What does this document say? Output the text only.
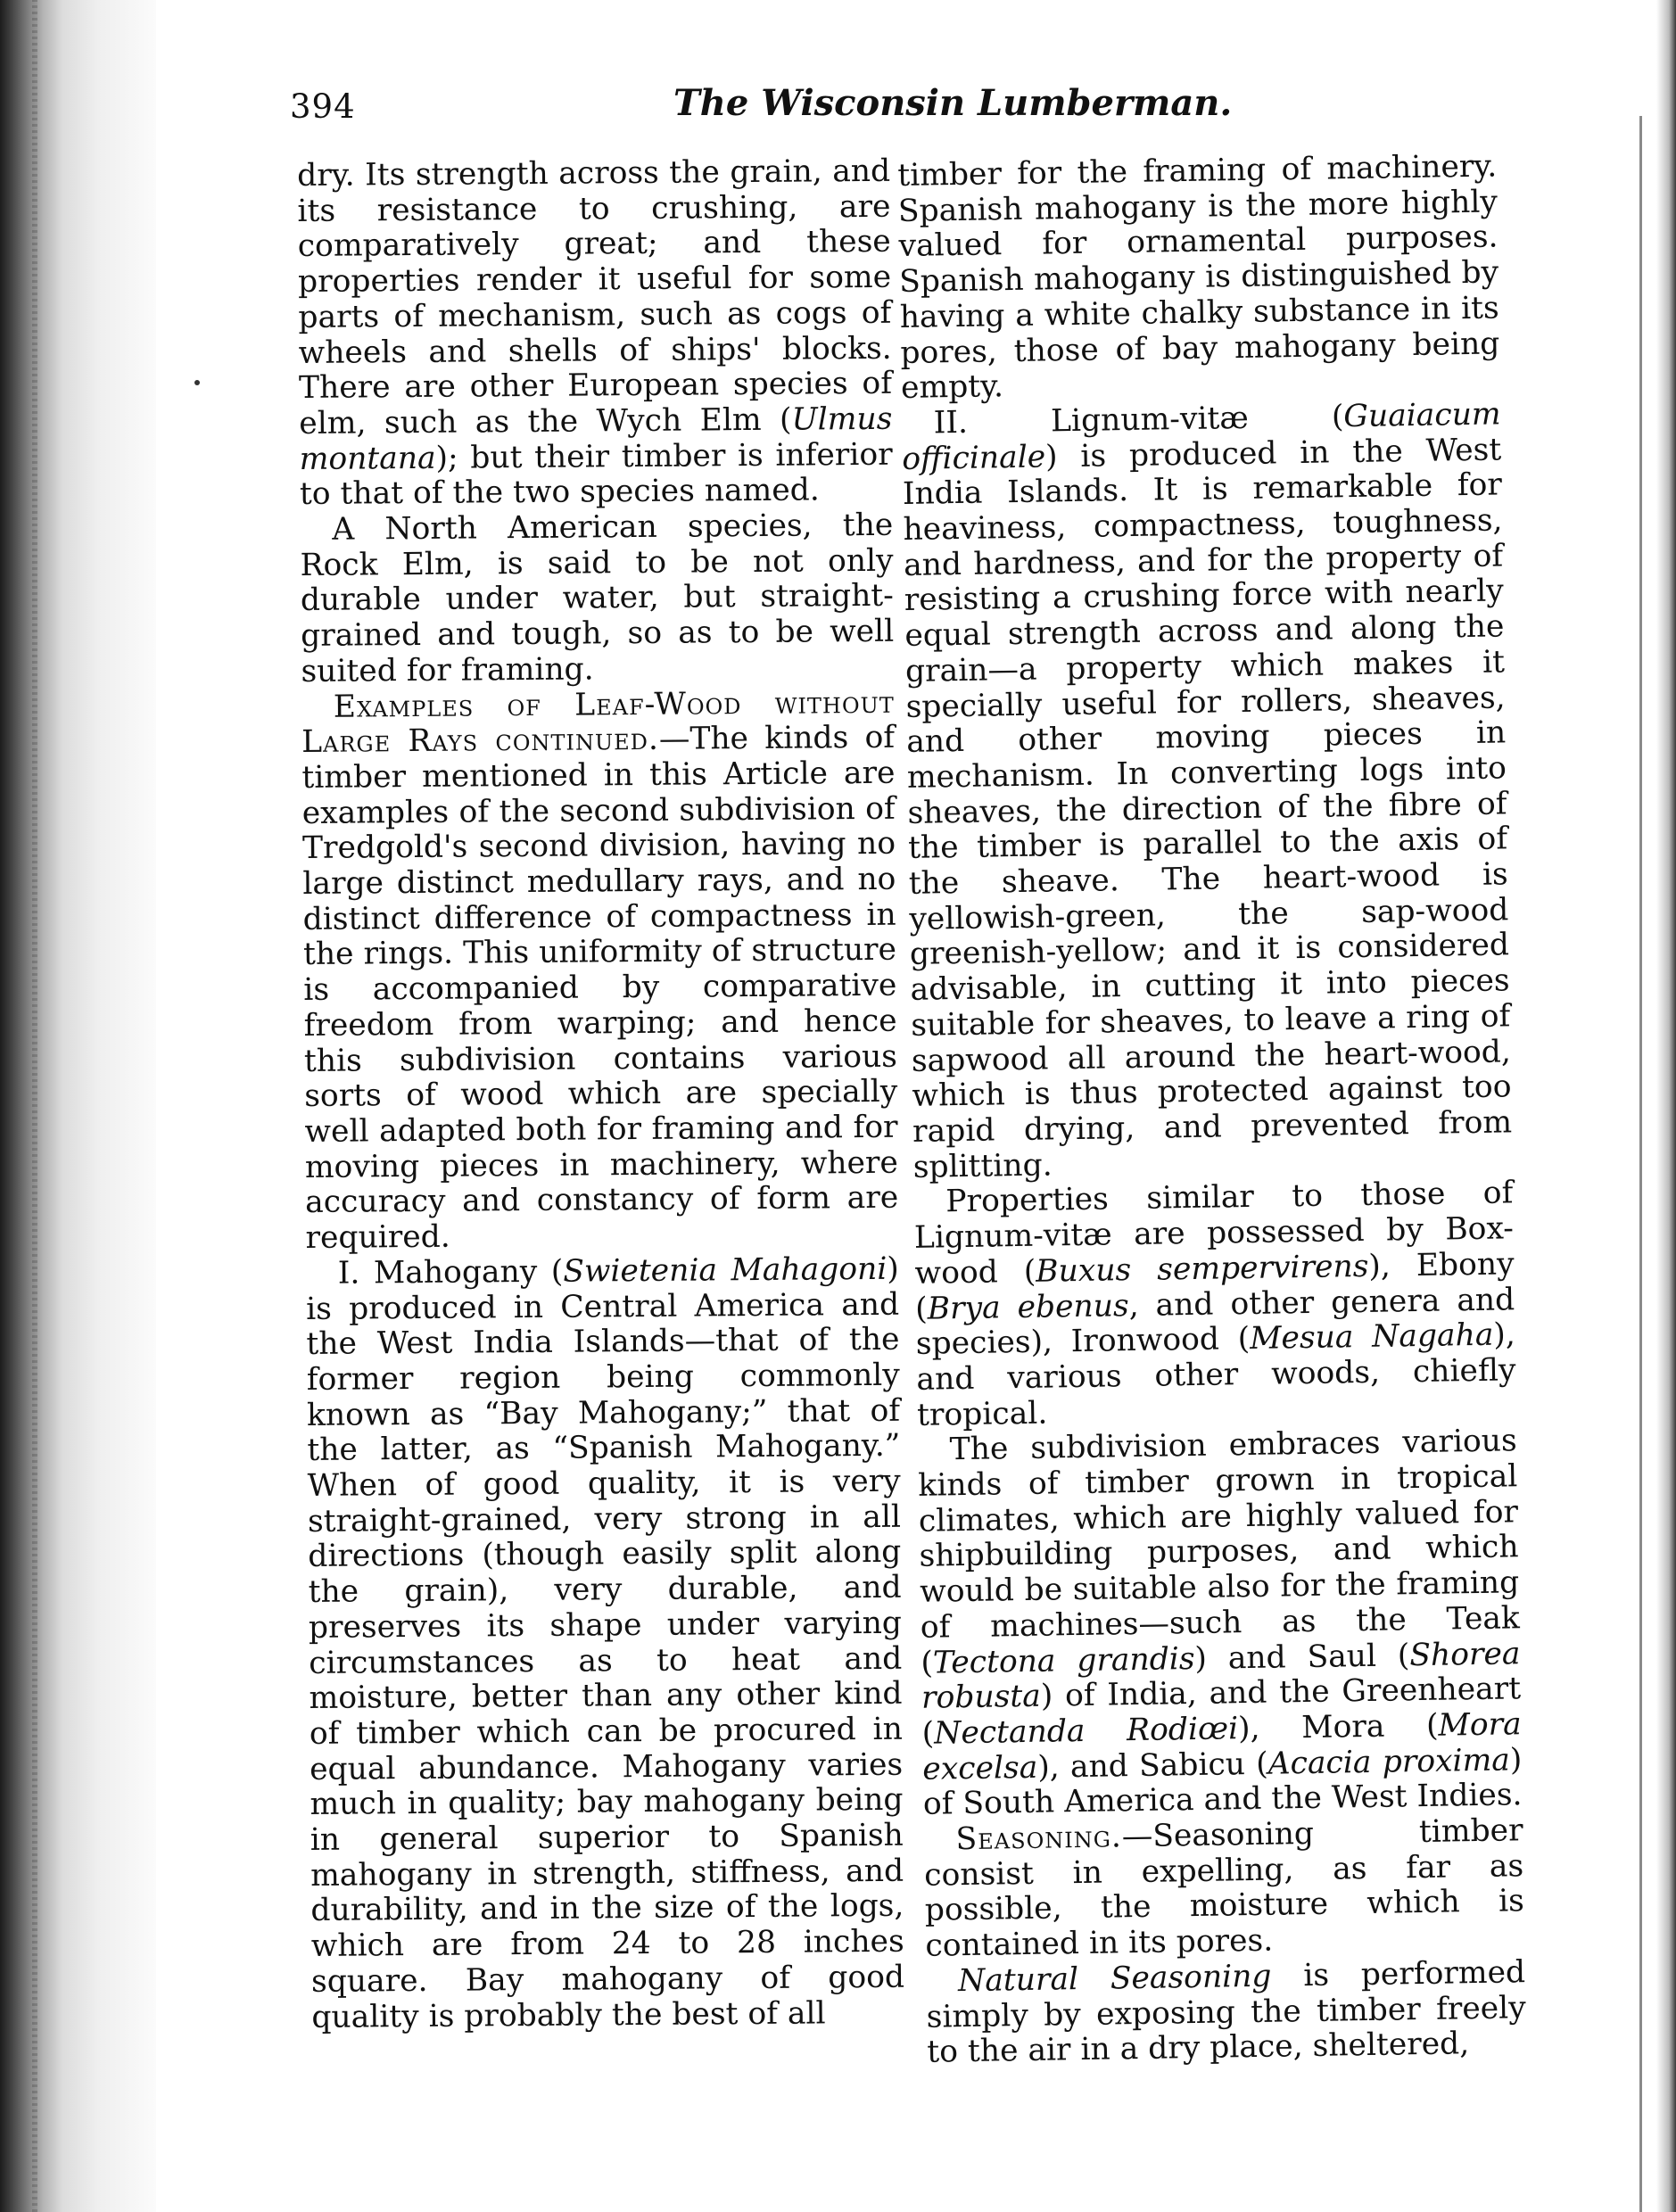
394	The Wisconsin Lumberman.

dry. Its strength across the grain, and its resistance to crushing, are comparatively great; and these properties render it useful for some parts of mechanism, such as cogs of wheels and shells of ships' blocks. There are other European species of elm, such as the Wych Elm (Ulmus montana); but their timber is inferior to that of the two species named.

A North American species, the Rock Elm, is said to be not only durable under water, but straight-grained and tough, so as to be well suited for framing.

Examples of Leaf-Wood without Large Rays continued.—The kinds of timber mentioned in this Article are examples of the second subdivision of Tredgold's second division, having no large distinct medullary rays, and no distinct difference of compactness in the rings. This uniformity of structure is accompanied by comparative freedom from warping; and hence this subdivision contains various sorts of wood which are specially well adapted both for framing and for moving pieces in machinery, where accuracy and constancy of form are required.

I. Mahogany (Swietenia Mahagoni) is produced in Central America and the West India Islands—that of the former region being commonly known as “Bay Mahogany;” that of the latter, as “Spanish Mahogany.” When of good quality, it is very straight-grained, very strong in all directions (though easily split along the grain), very durable, and preserves its shape under varying circumstances as to heat and moisture, better than any other kind of timber which can be procured in equal abundance. Mahogany varies much in quality; bay mahogany being in general superior to Spanish mahogany in strength, stiffness, and durability, and in the size of the logs, which are from 24 to 28 inches square. Bay mahogany of good quality is probably the best of all

timber for the framing of machinery. Spanish mahogany is the more highly valued for ornamental purposes. Spanish mahogany is distinguished by having a white chalky substance in its pores, those of bay mahogany being empty.

II. Lignum-vitæ (Guaiacum officinale) is produced in the West India Islands. It is remarkable for heaviness, compactness, toughness, and hardness, and for the property of resisting a crushing force with nearly equal strength across and along the grain—a property which makes it specially useful for rollers, sheaves, and other moving pieces in mechanism. In converting logs into sheaves, the direction of the fibre of the timber is parallel to the axis of the sheave. The heart-wood is yellowish-green, the sap-wood greenish-yellow; and it is considered advisable, in cutting it into pieces suitable for sheaves, to leave a ring of sapwood all around the heart-wood, which is thus protected against too rapid drying, and prevented from splitting.

Properties similar to those of Lignum-vitæ are possessed by Box-wood (Buxus sempervirens), Ebony (Brya ebenus, and other genera and species), Ironwood (Mesua Nagaha), and various other woods, chiefly tropical.

The subdivision embraces various kinds of timber grown in tropical climates, which are highly valued for shipbuilding purposes, and which would be suitable also for the framing of machines—such as the Teak (Tectona grandis) and Saul (Shorea robusta) of India, and the Greenheart (Nectanda Rodiœi), Mora (Mora excelsa), and Sabicu (Acacia proxima) of South America and the West Indies.

Seasoning.—Seasoning timber consist in expelling, as far as possible, the moisture which is contained in its pores.

Natural Seasoning is performed simply by exposing the timber freely to the air in a dry place, sheltered,
